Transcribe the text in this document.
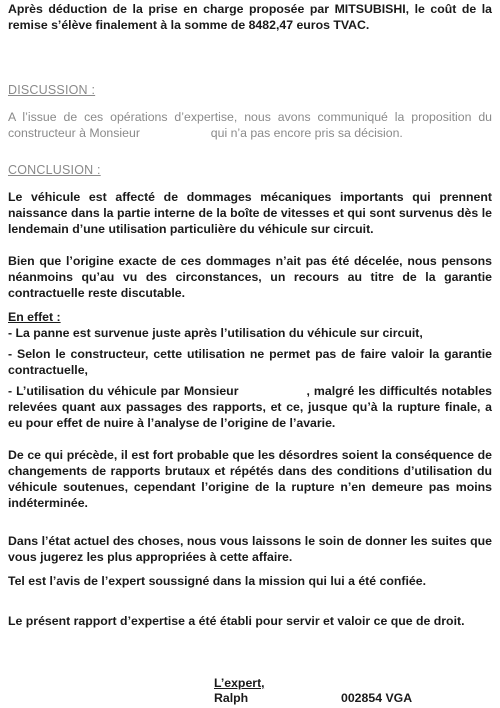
Après déduction de la prise en charge proposée par MITSUBISHI, le coût de la remise s’élève finalement à la somme de 8482,47 euros TVAC.
DISCUSSION :
A l’issue de ces opérations d’expertise, nous avons communiqué la proposition du constructeur à Monsieur	qui n’a pas encore pris sa décision.
CONCLUSION :
Le véhicule est affecté de dommages mécaniques importants qui prennent naissance dans la partie interne de la boîte de vitesses et qui sont survenus dès le lendemain d’une utilisation particulière du véhicule sur circuit.
Bien que l’origine exacte de ces dommages n’ait pas été décelée, nous pensons néanmoins qu’au vu des circonstances, un recours au titre de la garantie contractuelle reste discutable.
En effet :
- La panne est survenue juste après l’utilisation du véhicule sur circuit,
- Selon le constructeur, cette utilisation ne permet pas de faire valoir la garantie contractuelle,
- L’utilisation du véhicule par Monsieur	, malgré les difficultés notables relevées quant aux passages des rapports, et ce, jusque qu’à la rupture finale, a eu pour effet de nuire à l’analyse de l’origine de l’avarie.
De ce qui précède, il est fort probable que les désordres soient la conséquence de changements de rapports brutaux et répétés dans des conditions d’utilisation du véhicule soutenues, cependant l’origine de la rupture n’en demeure pas moins indéterminée.
Dans l’état actuel des choses, nous vous laissons le soin de donner les suites que vous jugerez les plus appropriées à cette affaire.
Tel est l’avis de l’expert soussigné dans la mission qui lui a été confiée.
Le présent rapport d’expertise a été établi pour servir et valoir ce que de droit.
L’expert,
Ralph	002854 VGA
